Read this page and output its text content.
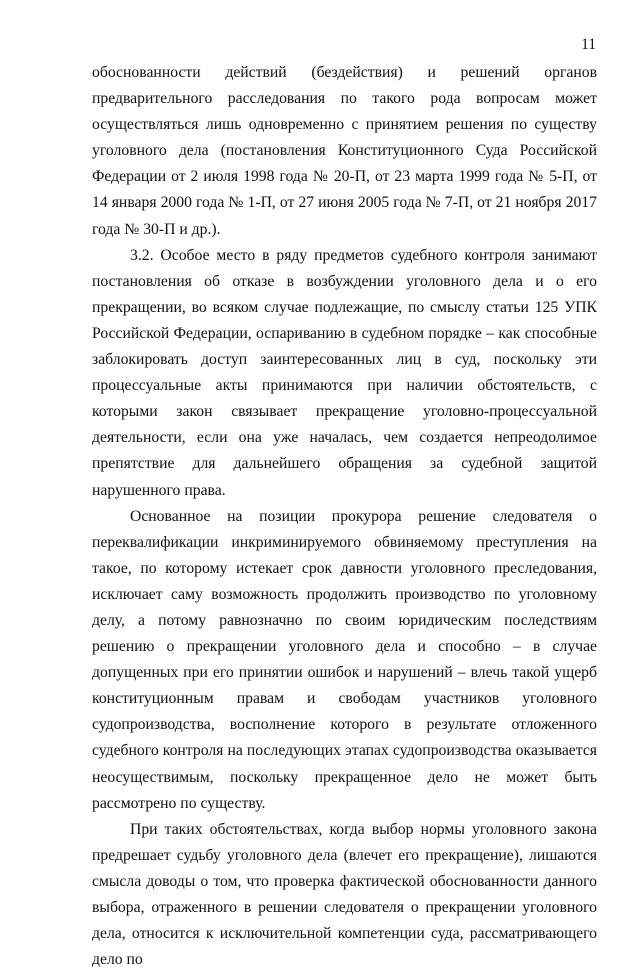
11

обоснованности действий (бездействия) и решений органов предварительного расследования по такого рода вопросам может осуществляться лишь одновременно с принятием решения по существу уголовного дела (постановления Конституционного Суда Российской Федерации от 2 июля 1998 года № 20-П, от 23 марта 1999 года № 5-П, от 14 января 2000 года № 1-П, от 27 июня 2005 года № 7-П, от 21 ноября 2017 года № 30-П и др.).

3.2. Особое место в ряду предметов судебного контроля занимают постановления об отказе в возбуждении уголовного дела и о его прекращении, во всяком случае подлежащие, по смыслу статьи 125 УПК Российской Федерации, оспариванию в судебном порядке – как способные заблокировать доступ заинтересованных лиц в суд, поскольку эти процессуальные акты принимаются при наличии обстоятельств, с которыми закон связывает прекращение уголовно-процессуальной деятельности, если она уже началась, чем создается непреодолимое препятствие для дальнейшего обращения за судебной защитой нарушенного права.

Основанное на позиции прокурора решение следователя о переквалификации инкриминируемого обвиняемому преступления на такое, по которому истекает срок давности уголовного преследования, исключает саму возможность продолжить производство по уголовному делу, а потому равнозначно по своим юридическим последствиям решению о прекращении уголовного дела и способно – в случае допущенных при его принятии ошибок и нарушений – влечь такой ущерб конституционным правам и свободам участников уголовного судопроизводства, восполнение которого в результате отложенного судебного контроля на последующих этапах судопроизводства оказывается неосуществимым, поскольку прекращенное дело не может быть рассмотрено по существу.

При таких обстоятельствах, когда выбор нормы уголовного закона предрешает судьбу уголовного дела (влечет его прекращение), лишаются смысла доводы о том, что проверка фактической обоснованности данного выбора, отраженного в решении следователя о прекращении уголовного дела, относится к исключительной компетенции суда, рассматривающего дело по
